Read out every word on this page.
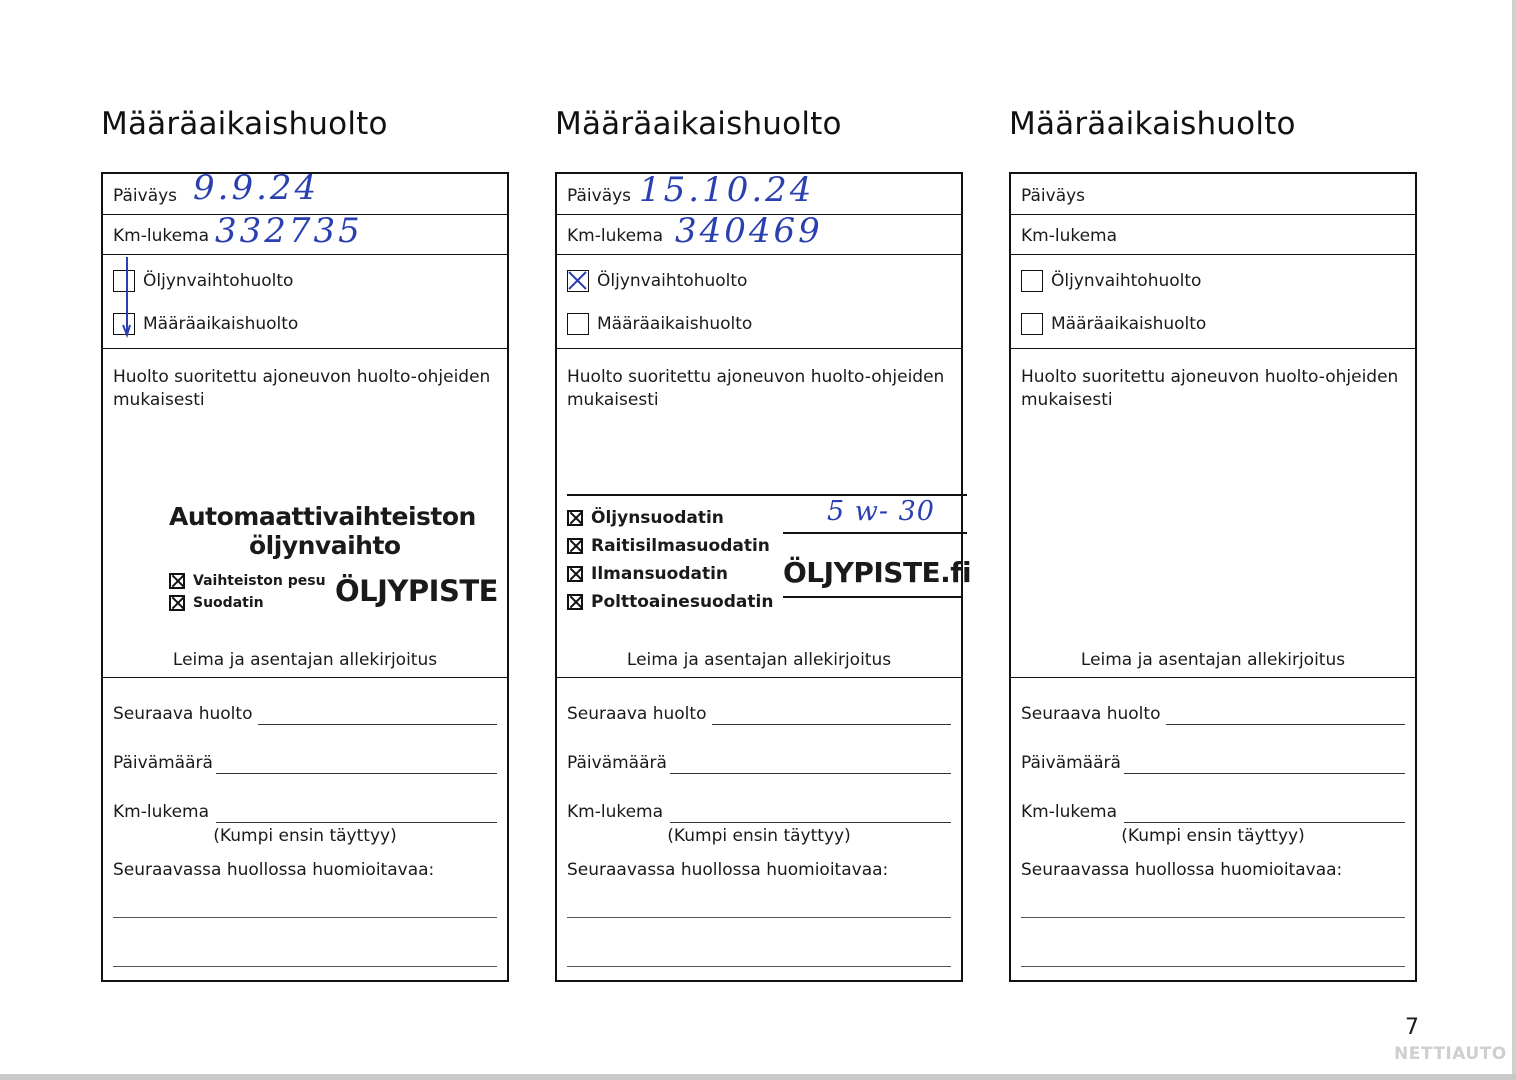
Määräaikaishuolto
Päiväys 9.9.24
Km-lukema 332735
Öljynvaihtohuolto
Määräaikaishuolto
Huolto suoritettu ajoneuvon huolto-ohjeiden mukaisesti
Automaattivaihteiston
öljynvaihto
Vaihteiston pesu
Suodatin	ÖLJYPISTE
Leima ja asentajan allekirjoitus
Seuraava huolto
Päivämäärä
Km-lukema
(Kumpi ensin täyttyy)
Seuraavassa huollossa huomioitavaa:
Määräaikaishuolto
Päiväys 15.10.24
Km-lukema 340469
Öljynvaihtohuolto
Määräaikaishuolto
Huolto suoritettu ajoneuvon huolto-ohjeiden mukaisesti
5 w- 30
Öljynsuodatin
Raitisilmasuodatin
Ilmansuodatin
Polttoainesuodatin
ÖLJYPISTE.fi
Leima ja asentajan allekirjoitus
Seuraava huolto
Päivämäärä
Km-lukema
(Kumpi ensin täyttyy)
Seuraavassa huollossa huomioitavaa:
Määräaikaishuolto
Päiväys
Km-lukema
Öljynvaihtohuolto
Määräaikaishuolto
Huolto suoritettu ajoneuvon huolto-ohjeiden mukaisesti
Leima ja asentajan allekirjoitus
Seuraava huolto
Päivämäärä
Km-lukema
(Kumpi ensin täyttyy)
Seuraavassa huollossa huomioitavaa:
7
NETTIAUTO
